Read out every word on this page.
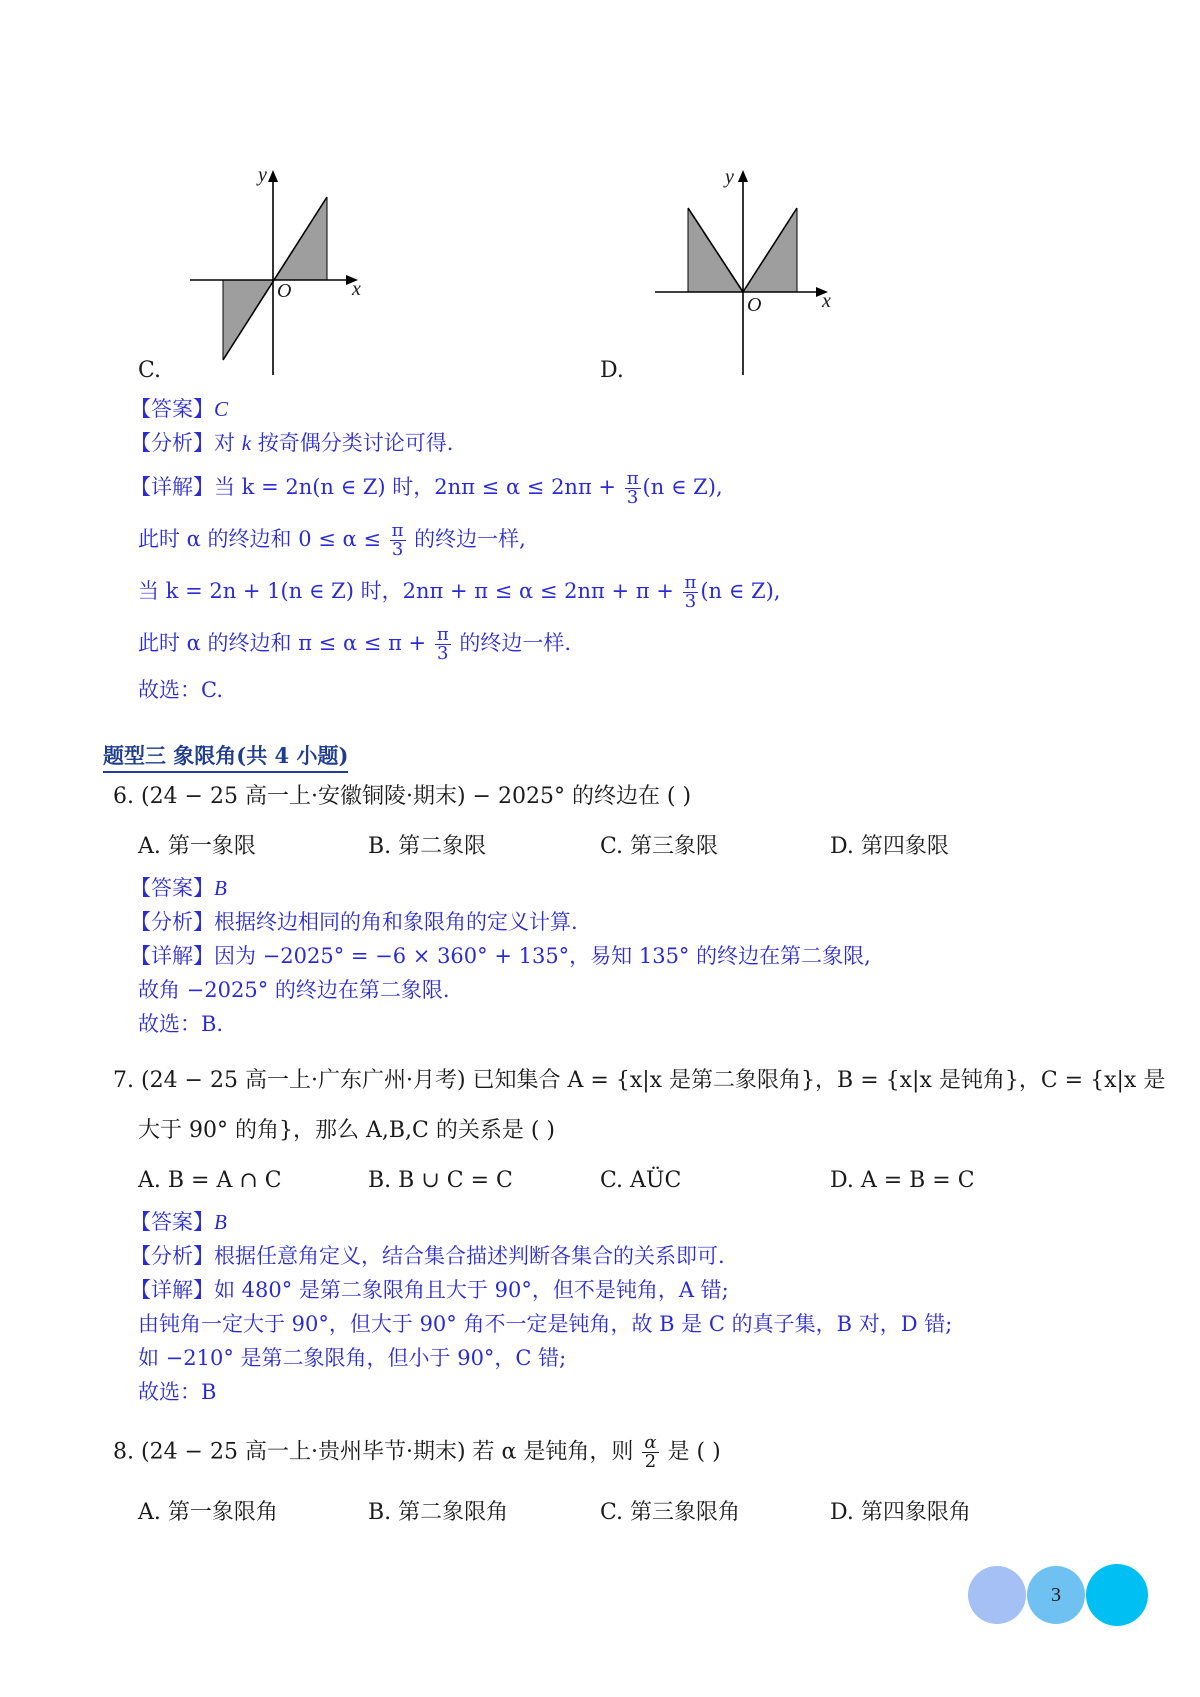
y
x
O
C.
y
x
O
D.
【答案】C
【分析】对 k 按奇偶分类讨论可得.
【详解】当 k = 2n(n ∈ Z) 时，$2n\pi \le \alpha \le 2n\pi + \frac{\pi}{3} (n$ ∈ Z),
此时 α 的终边和 $0 \le \alpha \le \frac{\pi}{3}$ 的终边一样,
当 k = 2n + 1(n ∈ Z) 时，$2n\pi + \pi \le \alpha \le 2n\pi + \pi + \frac{\pi}{3} (n$ ∈ Z),
此时 α 的终边和 $\pi \le \alpha \le \pi + \frac{\pi}{3}$ 的终边一样.
故选：C.
题型三 象限角(共 4 小题)
6. (24 − 25 高一上·安徽铜陵·期末) − 2025° 的终边在 ( )
A. 第一象限	B. 第二象限	C. 第三象限	D. 第四象限
【答案】B
【分析】根据终边相同的角和象限角的定义计算.
【详解】因为 −2025° = −6 × 360° + 135°，易知 135° 的终边在第二象限,
故角 −2025° 的终边在第二象限.
故选：B.
7. (24 − 25 高一上·广东广州·月考) 已知集合 A = {x|x 是第二象限角}，B = {x|x 是钝角}，C = {x|x 是
大于 90° 的角}，那么 A,B,C 的关系是 ( )
A. B = A ∩ C	B. B ∪ C = C	C. AÜC	D. A = B = C
【答案】B
【分析】根据任意角定义，结合集合描述判断各集合的关系即可.
【详解】如 480° 是第二象限角且大于 90°，但不是钝角，A 错;
由钝角一定大于 90°，但大于 90° 角不一定是钝角，故 B 是 C 的真子集，B 对，D 错;
如 −210° 是第二象限角，但小于 90°，C 错;
故选：B
8. (24 − 25 高一上·贵州毕节·期末) 若 α 是钝角，则 $\frac{\alpha}{2}$ 是 ( )
A. 第一象限角	B. 第二象限角	C. 第三象限角	D. 第四象限角
3
